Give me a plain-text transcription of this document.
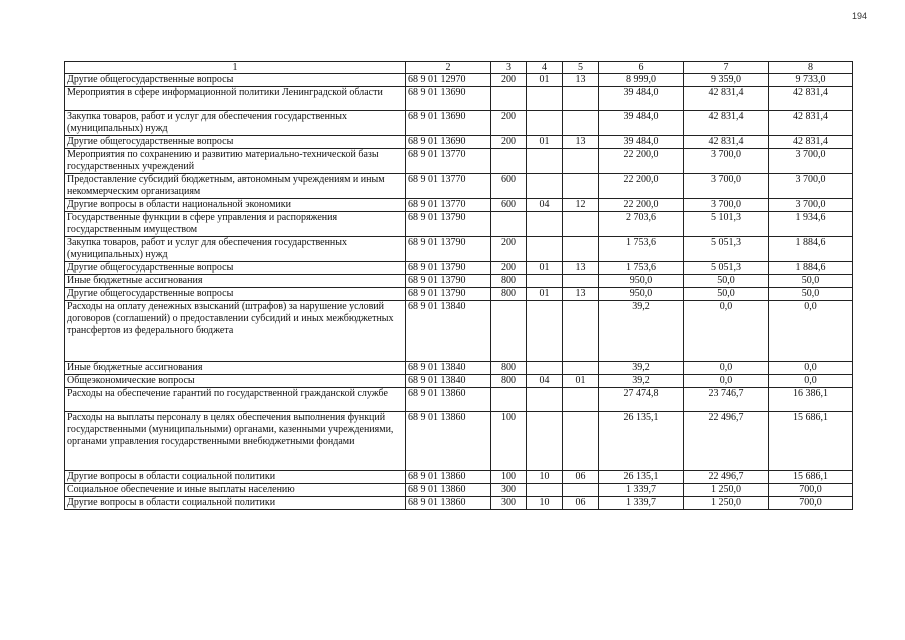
194
1	2	3	4	5	6	7	8
Другие общегосударственные вопросы	68 9 01 12970	200	01	13	8 999,0	9 359,0	9 733,0
Мероприятия в сфере информационной политики Ленинградской области	68 9 01 13690				39 484,0	42 831,4	42 831,4
Закупка товаров, работ и услуг для обеспечения государственных (муниципальных) нужд	68 9 01 13690	200			39 484,0	42 831,4	42 831,4
Другие общегосударственные вопросы	68 9 01 13690	200	01	13	39 484,0	42 831,4	42 831,4
Мероприятия по сохранению и развитию материально-технической базы государственных учреждений	68 9 01 13770				22 200,0	3 700,0	3 700,0
Предоставление субсидий бюджетным, автономным учреждениям и иным некоммерческим организациям	68 9 01 13770	600			22 200,0	3 700,0	3 700,0
Другие вопросы в области национальной экономики	68 9 01 13770	600	04	12	22 200,0	3 700,0	3 700,0
Государственные функции в сфере управления и распоряжения государственным имуществом	68 9 01 13790				2 703,6	5 101,3	1 934,6
Закупка товаров, работ и услуг для обеспечения государственных (муниципальных) нужд	68 9 01 13790	200			1 753,6	5 051,3	1 884,6
Другие общегосударственные вопросы	68 9 01 13790	200	01	13	1 753,6	5 051,3	1 884,6
Иные бюджетные ассигнования	68 9 01 13790	800			950,0	50,0	50,0
Другие общегосударственные вопросы	68 9 01 13790	800	01	13	950,0	50,0	50,0
Расходы на оплату денежных взысканий (штрафов) за нарушение условий договоров (соглашений) о предоставлении субсидий и иных межбюджетных трансфертов из федерального бюджета	68 9 01 13840				39,2	0,0	0,0
Иные бюджетные ассигнования	68 9 01 13840	800			39,2	0,0	0,0
Общеэкономические вопросы	68 9 01 13840	800	04	01	39,2	0,0	0,0
Расходы на обеспечение гарантий по государственной гражданской службе	68 9 01 13860				27 474,8	23 746,7	16 386,1
Расходы на выплаты персоналу в целях обеспечения выполнения функций государственными (муниципальными) органами, казенными учреждениями, органами управления государственными внебюджетными фондами	68 9 01 13860	100			26 135,1	22 496,7	15 686,1
Другие вопросы в области социальной политики	68 9 01 13860	100	10	06	26 135,1	22 496,7	15 686,1
Социальное обеспечение и иные выплаты населению	68 9 01 13860	300			1 339,7	1 250,0	700,0
Другие вопросы в области социальной политики	68 9 01 13860	300	10	06	1 339,7	1 250,0	700,0
